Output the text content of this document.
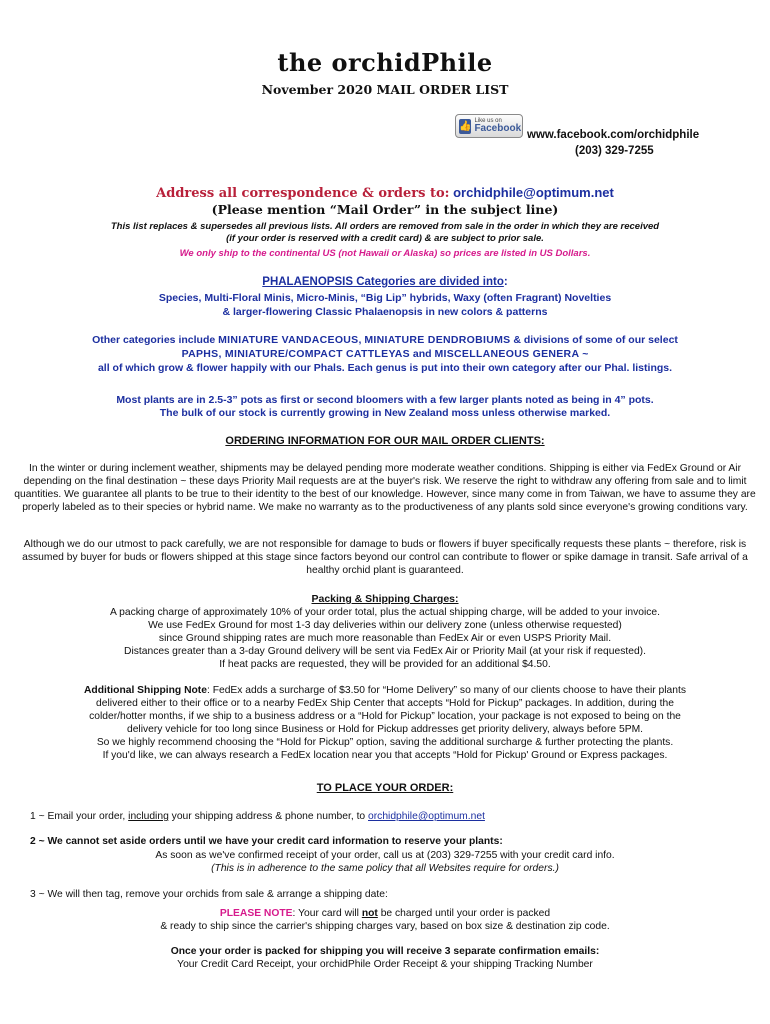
the orchidPhile
November 2020 MAIL ORDER LIST
👍 Like us on
Facebook
www.facebook.com/orchidphile
(203) 329-7255
Address all correspondence & orders to: orchidphile@optimum.net
(Please mention “Mail Order” in the subject line)
This list replaces & supersedes all previous lists. All orders are removed from sale in the order in which they are received
(if your order is reserved with a credit card) & are subject to prior sale.
We only ship to the continental US (not Hawaii or Alaska) so prices are listed in US Dollars.
PHALAENOPSIS Categories are divided into:
Species, Multi-Floral Minis, Micro-Minis, “Big Lip” hybrids, Waxy (often Fragrant) Novelties
& larger-flowering Classic Phalaenopsis in new colors & patterns
Other categories include MINIATURE VANDACEOUS, MINIATURE DENDROBIUMS & divisions of some of our select
PAPHS, MINIATURE/COMPACT CATTLEYAS and MISCELLANEOUS GENERA ~
all of which grow & flower happily with our Phals. Each genus is put into their own category after our Phal. listings.
Most plants are in 2.5-3” pots as first or second bloomers with a few larger plants noted as being in 4” pots.
The bulk of our stock is currently growing in New Zealand moss unless otherwise marked.
ORDERING INFORMATION FOR OUR MAIL ORDER CLIENTS:
In the winter or during inclement weather, shipments may be delayed pending more moderate weather conditions. Shipping is either via FedEx Ground or Air depending on the final destination ~ these days Priority Mail requests are at the buyer's risk. We reserve the right to withdraw any offering from sale and to limit quantities. We guarantee all plants to be true to their identity to the best of our knowledge. However, since many come in from Taiwan, we have to assume they are properly labeled as to their species or hybrid name. We make no warranty as to the productiveness of any plants sold since everyone's growing conditions vary.
Although we do our utmost to pack carefully, we are not responsible for damage to buds or flowers if buyer specifically requests these plants ~ therefore, risk is assumed by buyer for buds or flowers shipped at this stage since factors beyond our control can contribute to flower or spike damage in transit. Safe arrival of a healthy orchid plant is guaranteed.
Packing & Shipping Charges:
A packing charge of approximately 10% of your order total, plus the actual shipping charge, will be added to your invoice.
We use FedEx Ground for most 1-3 day deliveries within our delivery zone (unless otherwise requested)
since Ground shipping rates are much more reasonable than FedEx Air or even USPS Priority Mail.
Distances greater than a 3-day Ground delivery will be sent via FedEx Air or Priority Mail (at your risk if requested).
If heat packs are requested, they will be provided for an additional $4.50.
Additional Shipping Note: FedEx adds a surcharge of $3.50 for “Home Delivery” so many of our clients choose to have their plants
delivered either to their office or to a nearby FedEx Ship Center that accepts “Hold for Pickup” packages. In addition, during the
colder/hotter months, if we ship to a business address or a “Hold for Pickup” location, your package is not exposed to being on the
delivery vehicle for too long since Business or Hold for Pickup addresses get priority delivery, always before 5PM.
So we highly recommend choosing the “Hold for Pickup” option, saving the additional surcharge & further protecting the plants.
If you'd like, we can always research a FedEx location near you that accepts “Hold for Pickup' Ground or Express packages.
TO PLACE YOUR ORDER:
1 ~ Email your order, including your shipping address & phone number, to orchidphile@optimum.net
2 ~ We cannot set aside orders until we have your credit card information to reserve your plants:
As soon as we've confirmed receipt of your order, call us at (203) 329-7255 with your credit card info.
(This is in adherence to the same policy that all Websites require for orders.)
3 ~ We will then tag, remove your orchids from sale & arrange a shipping date:
PLEASE NOTE: Your card will not be charged until your order is packed
& ready to ship since the carrier's shipping charges vary, based on box size & destination zip code.
Once your order is packed for shipping you will receive 3 separate confirmation emails:
Your Credit Card Receipt, your orchidPhile Order Receipt & your shipping Tracking Number
